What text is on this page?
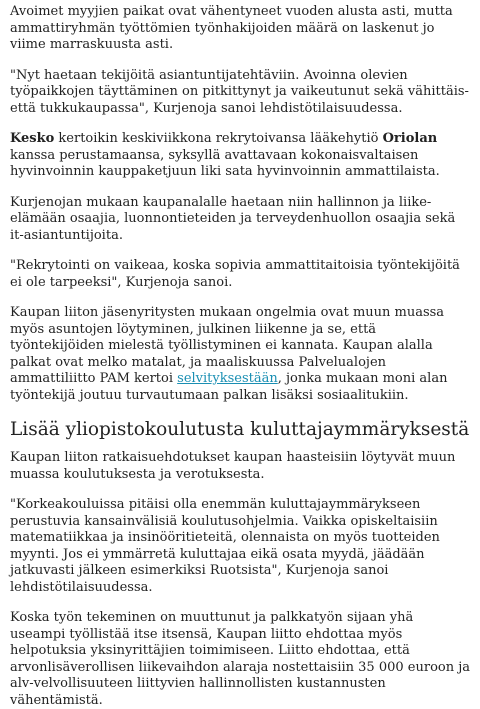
Avoimet myyjien paikat ovat vähentyneet vuoden alusta asti, mutta ammattiryhmän työttömien työnhakijoiden määrä on laskenut jo viime marraskuusta asti.

"Nyt haetaan tekijöitä asiantuntijatehtäviin. Avoinna olevien työpaikkojen täyttäminen on pitkittynyt ja vaikeutunut sekä vähittäis- että tukkukaupassa", Kurjenoja sanoi lehdistötilaisuudessa.

Kesko kertoikin keskiviikkona rekrytoivansa lääkehytiö Oriolan kanssa perustamaansa, syksyllä avattavaan kokonaisvaltaisen hyvinvoinnin kauppaketjuun liki sata hyvinvoinnin ammattilaista.

Kurjenojan mukaan kaupanalalle haetaan niin hallinnon ja liike-elämään osaajia, luonnontieteiden ja terveydenhuollon osaajia sekä it-asiantuntijoita.

"Rekrytointi on vaikeaa, koska sopivia ammattitaitoisia työntekijöitä ei ole tarpeeksi", Kurjenoja sanoi.

Kaupan liiton jäsenyritysten mukaan ongelmia ovat muun muassa myös asuntojen löytyminen, julkinen liikenne ja se, että työntekijöiden mielestä työllistyminen ei kannata. Kaupan alalla palkat ovat melko matalat, ja maaliskuussa Palvelualojen ammattiliitto PAM kertoi selvityksestään, jonka mukaan moni alan työntekijä joutuu turvautumaan palkan lisäksi sosiaalitukiin.

Lisää yliopistokoulutusta kuluttajaymmäryksestä

Kaupan liiton ratkaisuehdotukset kaupan haasteisiin löytyvät muun muassa koulutuksesta ja verotuksesta.

"Korkeakouluissa pitäisi olla enemmän kuluttajaymmärykseen perustuvia kansainvälisiä koulutusohjelmia. Vaikka opiskeltaisiin matematiikkaa ja insinööritieteitä, olennaista on myös tuotteiden myynti. Jos ei ymmärretä kuluttajaa eikä osata myydä, jäädään jatkuvasti jälkeen esimerkiksi Ruotsista", Kurjenoja sanoi lehdistötilaisuudessa.

Koska työn tekeminen on muuttunut ja palkkatyön sijaan yhä useampi työllistää itse itsensä, Kaupan liitto ehdottaa myös helpotuksia yksinyrittäjien toimimiseen. Liitto ehdottaa, että arvonlisäverollisen liikevaihdon alaraja nostettaisiin 35 000 euroon ja alv-velvollisuuteen liittyvien hallinnollisten kustannusten vähentämistä.
